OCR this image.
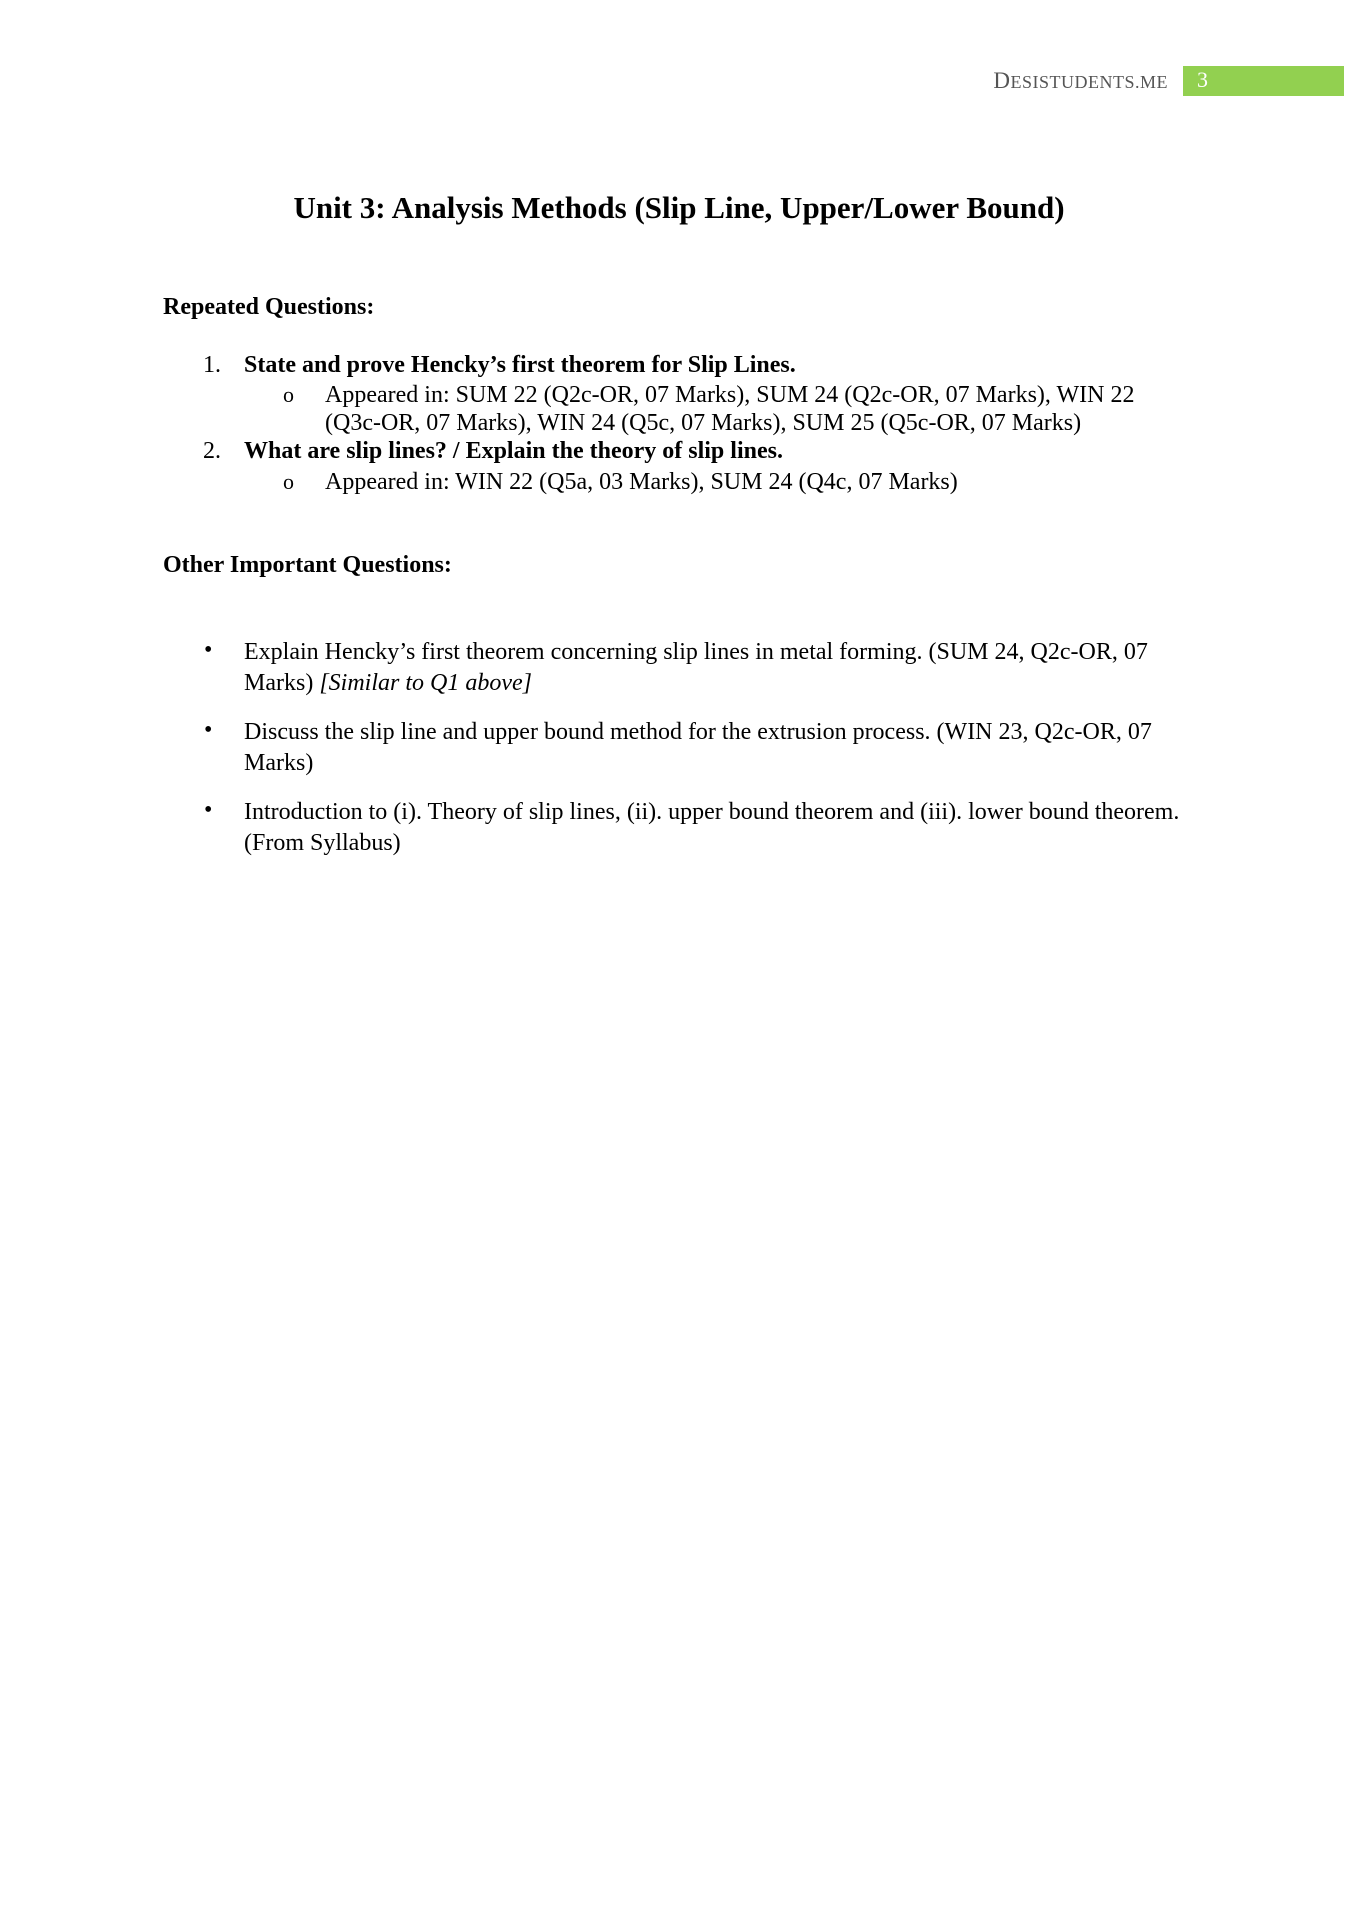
DESISTUDENTS.ME 3
Unit 3: Analysis Methods (Slip Line, Upper/Lower Bound)
Repeated Questions:
1. State and prove Hencky’s first theorem for Slip Lines.
o Appeared in: SUM 22 (Q2c-OR, 07 Marks), SUM 24 (Q2c-OR, 07 Marks), WIN 22 (Q3c-OR, 07 Marks), WIN 24 (Q5c, 07 Marks), SUM 25 (Q5c-OR, 07 Marks)
2. What are slip lines? / Explain the theory of slip lines.
o Appeared in: WIN 22 (Q5a, 03 Marks), SUM 24 (Q4c, 07 Marks)
Other Important Questions:
• Explain Hencky’s first theorem concerning slip lines in metal forming. (SUM 24, Q2c-OR, 07 Marks) [Similar to Q1 above]
• Discuss the slip line and upper bound method for the extrusion process. (WIN 23, Q2c-OR, 07 Marks)
• Introduction to (i). Theory of slip lines, (ii). upper bound theorem and (iii). lower bound theorem. (From Syllabus)
